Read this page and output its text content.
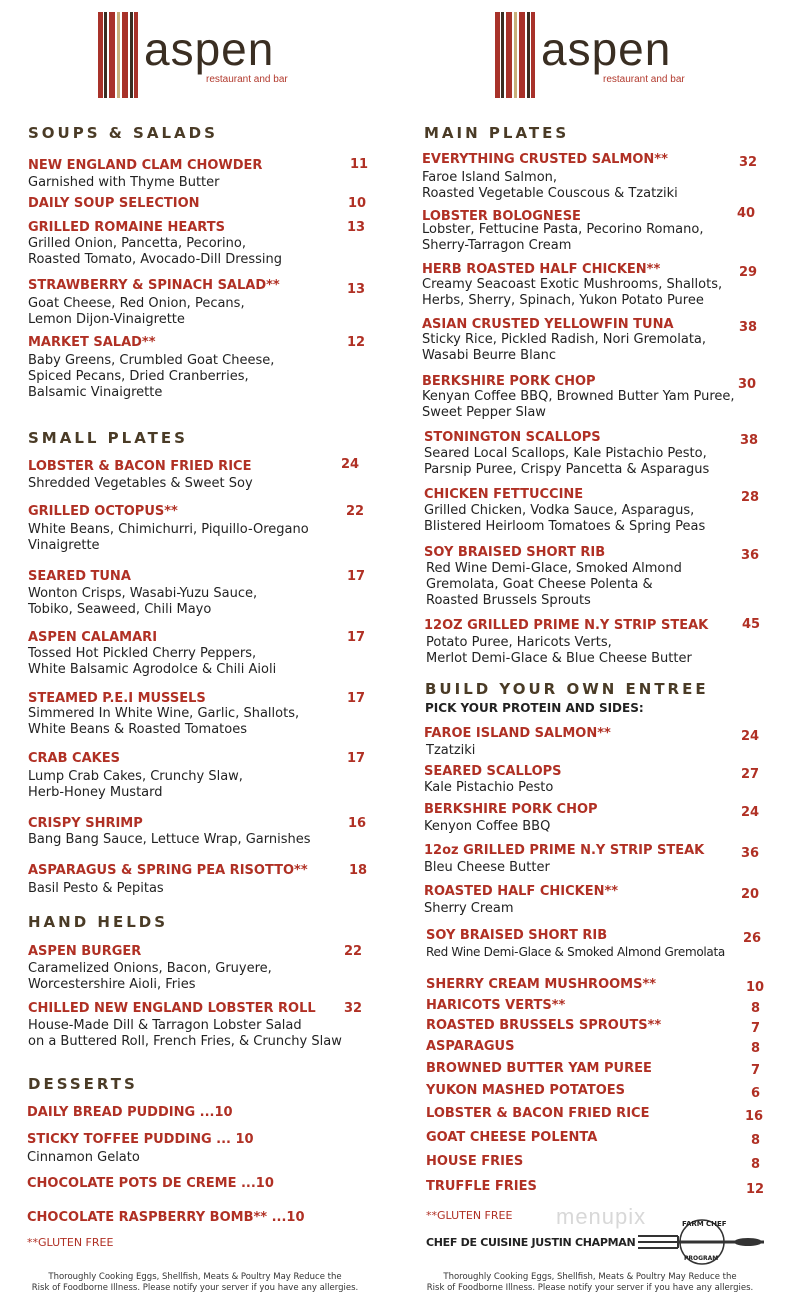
aspen
restaurant and bar
aspen
restaurant and bar
SOUPS & SALADS
NEW ENGLAND CLAM CHOWDER	11
Garnished with Thyme Butter
DAILY SOUP SELECTION	10
GRILLED ROMAINE HEARTS	13
Grilled Onion, Pancetta, Pecorino,
Roasted Tomato, Avocado-Dill Dressing
STRAWBERRY & SPINACH SALAD**	13
Goat Cheese, Red Onion, Pecans,
Lemon Dijon-Vinaigrette
MARKET SALAD**	12
Baby Greens, Crumbled Goat Cheese,
Spiced Pecans, Dried Cranberries,
Balsamic Vinaigrette
SMALL PLATES
LOBSTER & BACON FRIED RICE	24
Shredded Vegetables & Sweet Soy
GRILLED OCTOPUS**	22
White Beans, Chimichurri, Piquillo-Oregano
Vinaigrette
SEARED TUNA	17
Wonton Crisps, Wasabi-Yuzu Sauce,
Tobiko, Seaweed, Chili Mayo
ASPEN CALAMARI	17
Tossed Hot Pickled Cherry Peppers,
White Balsamic Agrodolce & Chili Aioli
STEAMED P.E.I MUSSELS	17
Simmered In White Wine, Garlic, Shallots,
White Beans & Roasted Tomatoes
CRAB CAKES	17
Lump Crab Cakes, Crunchy Slaw,
Herb-Honey Mustard
CRISPY SHRIMP	16
Bang Bang Sauce, Lettuce Wrap, Garnishes
ASPARAGUS & SPRING PEA RISOTTO**	18
Basil Pesto & Pepitas
HAND HELDS
ASPEN BURGER	22
Caramelized Onions, Bacon, Gruyere,
Worcestershire Aioli, Fries
CHILLED NEW ENGLAND LOBSTER ROLL 32
House-Made Dill & Tarragon Lobster Salad
on a Buttered Roll, French Fries, & Crunchy Slaw
DESSERTS
DAILY BREAD PUDDING ...10
STICKY TOFFEE PUDDING ... 10
Cinnamon Gelato
CHOCOLATE POTS DE CREME ...10
CHOCOLATE RASPBERRY BOMB** ...10
**GLUTEN FREE
Thoroughly Cooking Eggs, Shellfish, Meats & Poultry May Reduce the
Risk of Foodborne Illness. Please notify your server if you have any allergies.
MAIN PLATES
EVERYTHING CRUSTED SALMON**	32
Faroe Island Salmon,
Roasted Vegetable Couscous & Tzatziki
LOBSTER BOLOGNESE	40
Lobster, Fettucine Pasta, Pecorino Romano,
Sherry-Tarragon Cream
HERB ROASTED HALF CHICKEN**	29
Creamy Seacoast Exotic Mushrooms, Shallots,
Herbs, Sherry, Spinach, Yukon Potato Puree
ASIAN CRUSTED YELLOWFIN TUNA	38
Sticky Rice, Pickled Radish, Nori Gremolata,
Wasabi Beurre Blanc
BERKSHIRE PORK CHOP	30
Kenyan Coffee BBQ, Browned Butter Yam Puree,
Sweet Pepper Slaw
STONINGTON SCALLOPS	38
Seared Local Scallops, Kale Pistachio Pesto,
Parsnip Puree, Crispy Pancetta & Asparagus
CHICKEN FETTUCCINE	28
Grilled Chicken, Vodka Sauce, Asparagus,
Blistered Heirloom Tomatoes & Spring Peas
SOY BRAISED SHORT RIB	36
Red Wine Demi-Glace, Smoked Almond
Gremolata, Goat Cheese Polenta &
Roasted Brussels Sprouts
12OZ GRILLED PRIME N.Y STRIP STEAK	45
Potato Puree, Haricots Verts,
Merlot Demi-Glace & Blue Cheese Butter
BUILD YOUR OWN ENTREE
PICK YOUR PROTEIN AND SIDES:
FAROE ISLAND SALMON**	24
Tzatziki
SEARED SCALLOPS	27
Kale Pistachio Pesto
BERKSHIRE PORK CHOP	24
Kenyon Coffee BBQ
12oz GRILLED PRIME N.Y STRIP STEAK	36
Bleu Cheese Butter
ROASTED HALF CHICKEN**	20
Sherry Cream
SOY BRAISED SHORT RIB	26
Red Wine Demi-Glace & Smoked Almond Gremolata
SHERRY CREAM MUSHROOMS**	10
HARICOTS VERTS**	8
ROASTED BRUSSELS SPROUTS**	7
ASPARAGUS	8
BROWNED BUTTER YAM PUREE	7
YUKON MASHED POTATOES	6
LOBSTER & BACON FRIED RICE	16
GOAT CHEESE POLENTA	8
HOUSE FRIES	8
TRUFFLE FRIES	12
**GLUTEN FREE menupix
CHEF DE CUISINE JUSTIN CHAPMAN
FARM CHEF
PROGRAM
Thoroughly Cooking Eggs, Shellfish, Meats & Poultry May Reduce the
Risk of Foodborne Illness. Please notify your server if you have any allergies.
